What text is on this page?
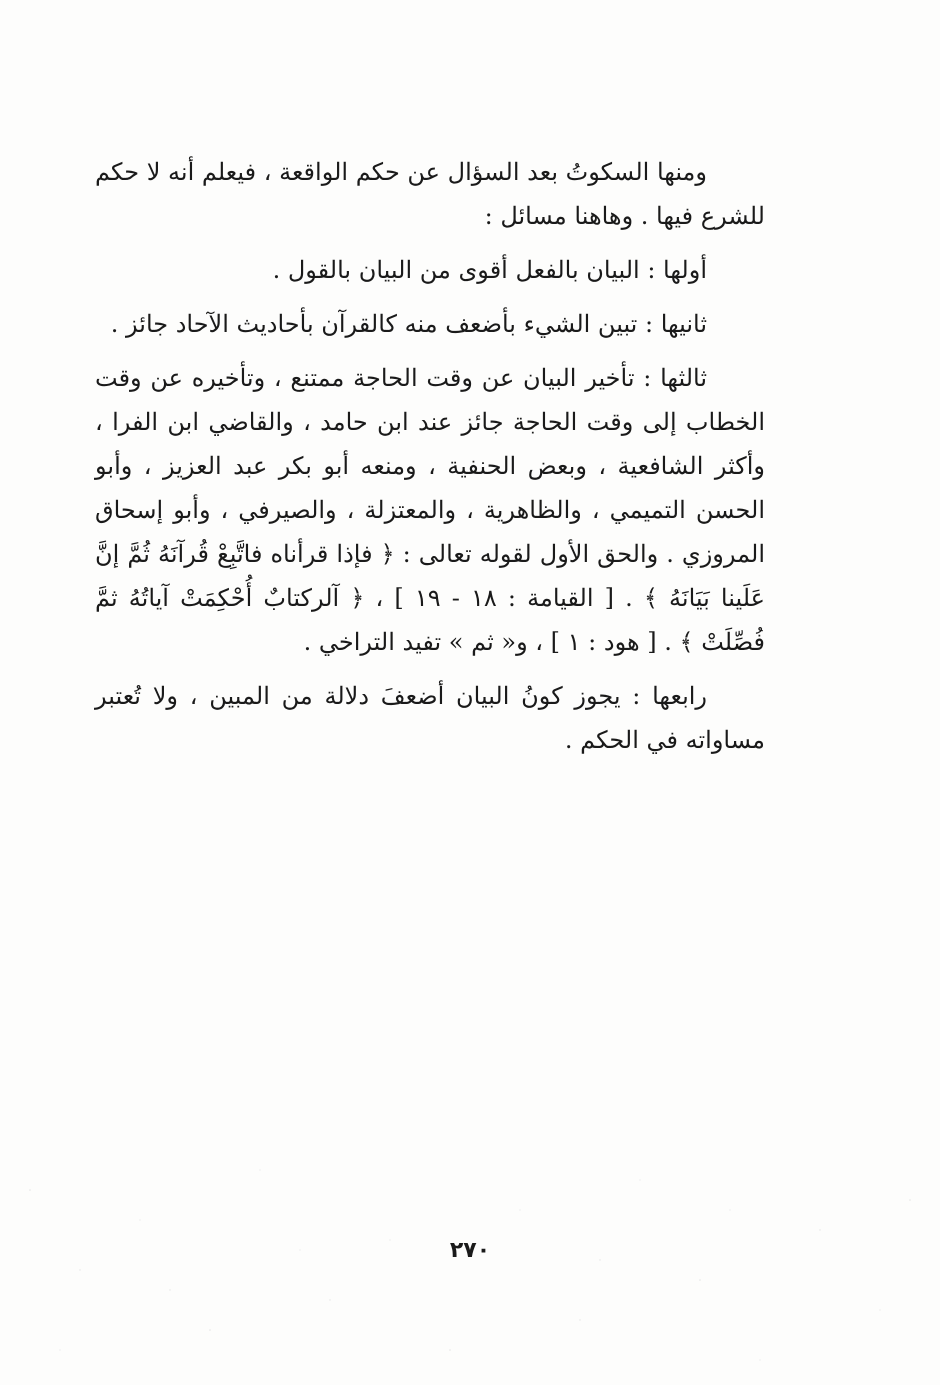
ومنها السكوتُ بعد السؤال عن حكم الواقعة ، فيعلم أنه لا حكم للشرع فيها . وهاهنا مسائل :

أولها : البيان بالفعل أقوى من البيان بالقول .

ثانيها : تبين الشيء بأضعف منه كالقرآن بأحاديث الآحاد جائز .

ثالثها : تأخير البيان عن وقت الحاجة ممتنع ، وتأخيره عن وقت الخطاب إلى وقت الحاجة جائز عند ابن حامد ، والقاضي ابن الفرا ، وأكثر الشافعية ، وبعض الحنفية ، ومنعه أبو بكر عبد العزيز ، وأبو الحسن التميمي ، والظاهرية ، والمعتزلة ، والصيرفي ، وأبو إسحاق المروزي . والحق الأول لقوله تعالى : ﴿ فإذا قرأناه فاتَّبِعْ قُرآنَهُ ثُمَّ إنَّ عَلَينا بَيَانَهُ ﴾ . [ القيامة : ١٨ - ١٩ ] ، ﴿ آلركتابٌ أُحْكِمَتْ آياتُهُ ثمَّ فُصِّلَتْ ﴾ . [ هود : ١ ] ، و« ثم » تفيد التراخي .

رابعها : يجوز كونُ البيان أضعفَ دلالة من المبين ، ولا تُعتبر مساواته في الحكم .

٢٧٠
